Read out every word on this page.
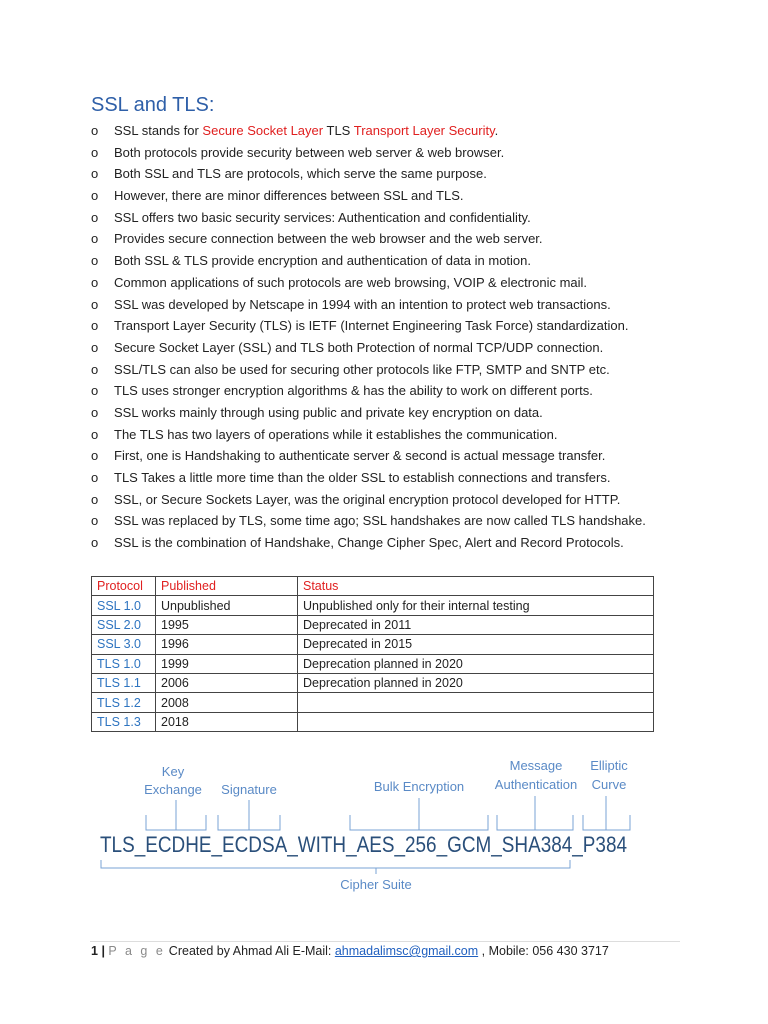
SSL and TLS:
o SSL stands for Secure Socket Layer TLS Transport Layer Security.
o Both protocols provide security between web server & web browser.
o Both SSL and TLS are protocols, which serve the same purpose.
o However, there are minor differences between SSL and TLS.
o SSL offers two basic security services: Authentication and confidentiality.
o Provides secure connection between the web browser and the web server.
o Both SSL & TLS provide encryption and authentication of data in motion.
o Common applications of such protocols are web browsing, VOIP & electronic mail.
o SSL was developed by Netscape in 1994 with an intention to protect web transactions.
o Transport Layer Security (TLS) is IETF (Internet Engineering Task Force) standardization.
o Secure Socket Layer (SSL) and TLS both Protection of normal TCP/UDP connection.
o SSL/TLS can also be used for securing other protocols like FTP, SMTP and SNTP etc.
o TLS uses stronger encryption algorithms & has the ability to work on different ports.
o SSL works mainly through using public and private key encryption on data.
o The TLS has two layers of operations while it establishes the communication.
o First, one is Handshaking to authenticate server & second is actual message transfer.
o TLS Takes a little more time than the older SSL to establish connections and transfers.
o SSL, or Secure Sockets Layer, was the original encryption protocol developed for HTTP.
o SSL was replaced by TLS, some time ago; SSL handshakes are now called TLS handshake.
o SSL is the combination of Handshake, Change Cipher Spec, Alert and Record Protocols.
Protocol	Published	Status
SSL 1.0	Unpublished	Unpublished only for their internal testing
SSL 2.0	1995	Deprecated in 2011
SSL 3.0	1996	Deprecated in 2015
TLS 1.0	1999	Deprecation planned in 2020
TLS 1.1	2006	Deprecation planned in 2020
TLS 1.2	2008	
TLS 1.3	2018	
Key
Exchange Signature	Bulk Encryption
Message
Authentication
Elliptic
Curve
Cipher Suite
TLS_ECDHE_ECDSA_WITH_AES_256_GCM_SHA384_P384
1 | P a g e Created by Ahmad Ali E-Mail: ahmadalimsc@gmail.com , Mobile: 056 430 3717
